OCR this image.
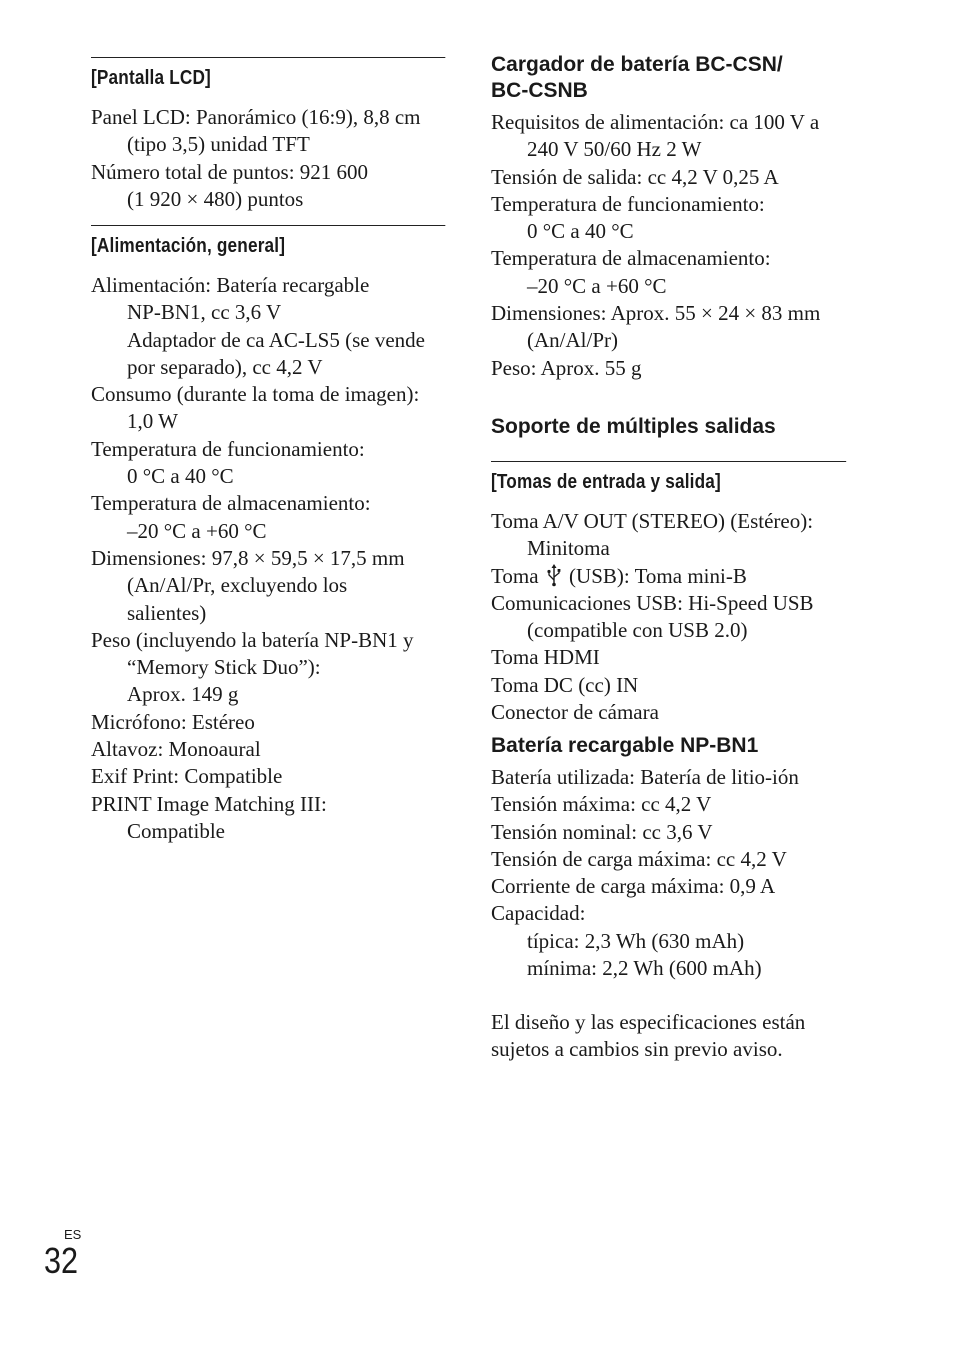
[Pantalla LCD]
Panel LCD: Panorámico (16:9), 8,8 cm
(tipo 3,5) unidad TFT
Número total de puntos: 921 600
(1 920 × 480) puntos
[Alimentación, general]
Alimentación: Batería recargable
NP-BN1, cc 3,6 V
Adaptador de ca AC-LS5 (se vende
por separado), cc 4,2 V
Consumo (durante la toma de imagen):
1,0 W
Temperatura de funcionamiento:
0 °C a 40 °C
Temperatura de almacenamiento:
–20 °C a +60 °C
Dimensiones: 97,8 × 59,5 × 17,5 mm
(An/Al/Pr, excluyendo los
salientes)
Peso (incluyendo la batería NP-BN1 y
“Memory Stick Duo”):
Aprox. 149 g
Micrófono: Estéreo
Altavoz: Monoaural
Exif Print: Compatible
PRINT Image Matching III:
Compatible
Cargador de batería BC-CSN/
BC-CSNB
Requisitos de alimentación: ca 100 V a
240 V 50/60 Hz 2 W
Tensión de salida: cc 4,2 V 0,25 A
Temperatura de funcionamiento:
0 °C a 40 °C
Temperatura de almacenamiento:
–20 °C a +60 °C
Dimensiones: Aprox. 55 × 24 × 83 mm
(An/Al/Pr)
Peso: Aprox. 55 g
Soporte de múltiples salidas
[Tomas de entrada y salida]
Toma A/V OUT (STEREO) (Estéreo):
Minitoma
Toma (USB): Toma mini-B
Comunicaciones USB: Hi-Speed USB
(compatible con USB 2.0)
Toma HDMI
Toma DC (cc) IN
Conector de cámara
Batería recargable NP-BN1
Batería utilizada: Batería de litio-ión
Tensión máxima: cc 4,2 V
Tensión nominal: cc 3,6 V
Tensión de carga máxima: cc 4,2 V
Corriente de carga máxima: 0,9 A
Capacidad:
típica: 2,3 Wh (630 mAh)
mínima: 2,2 Wh (600 mAh)
El diseño y las especificaciones están
sujetos a cambios sin previo aviso.
ES
32
